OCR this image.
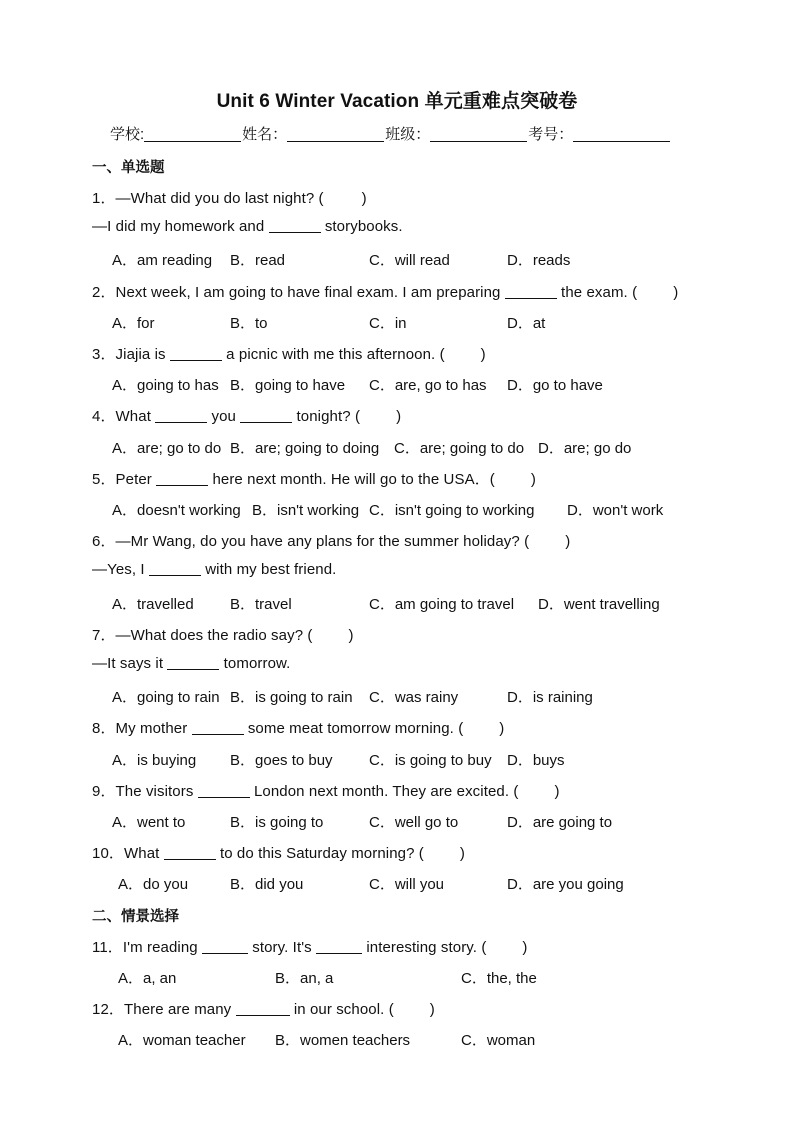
Unit 6 Winter Vacation 单元重难点突破卷
学校:	姓名：	班级：	考号：
一、单选题
1．—What did you do last night? (	)
—I did my homework and	storybooks.
A．am reading B．read	C．will read	D．reads
2．Next week, I am going to have final exam. I am preparing	the exam. ( )
A．for	B．to	C．in	D．at
3．Jiajia is	a picnic with me this afternoon. ( )
A．going to has B．going to have C．are, go to has D．go to have
4．What	you	tonight? ( )
A．are; go to do B．are; going to doing C．are; going to do D．are; go do
5．Peter	here next month. He will go to the USA．( )
A．doesn't working B．isn't working C．isn't going to working D．won't work
6．—Mr Wang, do you have any plans for the summer holiday? ( )
—Yes, I	with my best friend.
A．travelled B．travel	C．am going to travel D．went travelling
7．—What does the radio say? ( )
—It says it	tomorrow.
A．going to rain B．is going to rain C．was rainy	D．is raining
8．My mother	some meat tomorrow morning. ( )
A．is buying B．goes to buy C．is going to buy D．buys
9．The visitors	London next month. They are excited. ( )
A．went to	B．is going to	C．well go to	D．are going to
10．What	to do this Saturday morning? ( )
A．do you	B．did you	C．will you	D．are you going
二、情景选择
11．I'm reading	story. It's	interesting story. ( )
A．a, an	B．an, a	C．the, the
12．There are many	in our school. ( )
A．woman teacher B．women teachers	C．woman
